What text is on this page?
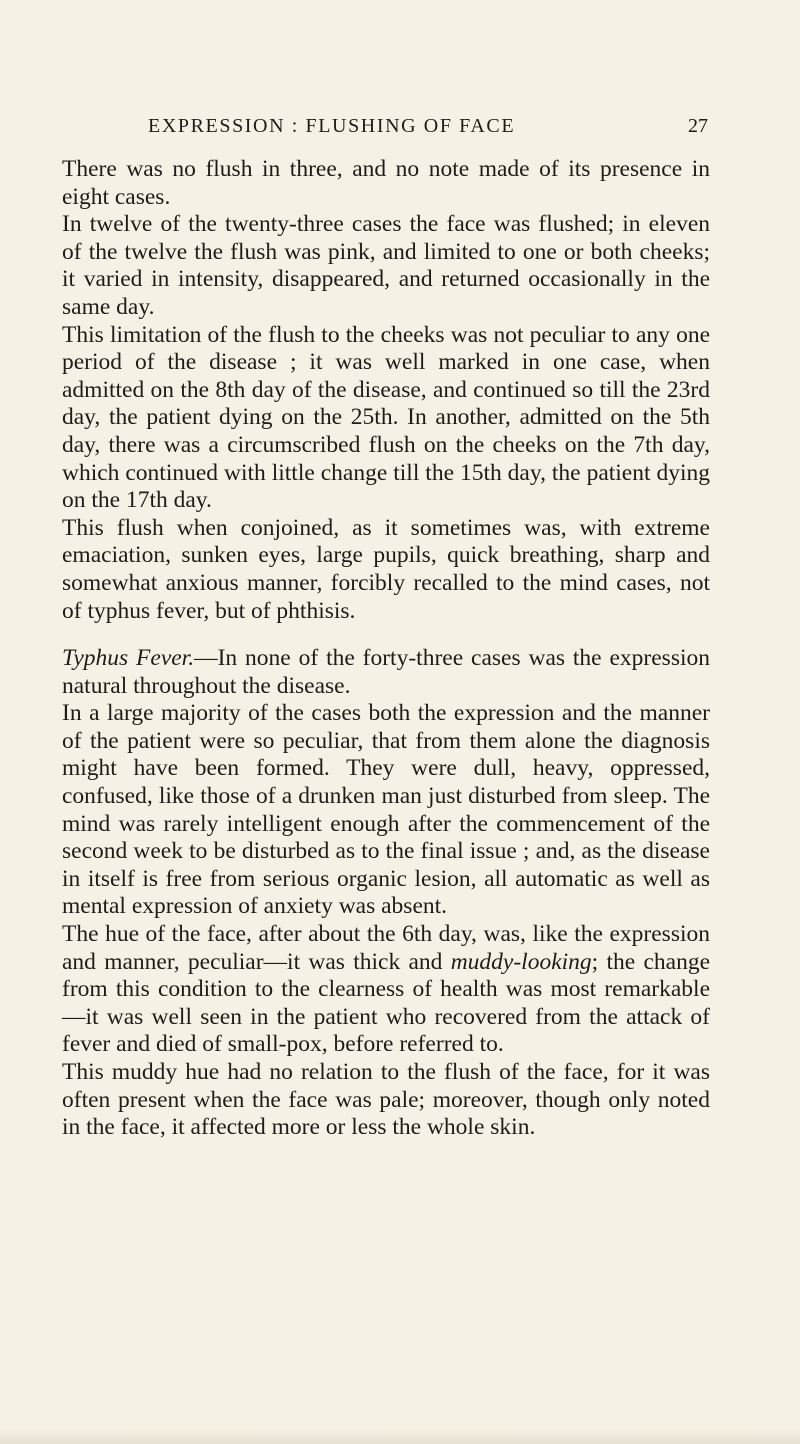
EXPRESSION : FLUSHING OF FACE	27

There was no flush in three, and no note made of its presence in eight cases.

In twelve of the twenty-three cases the face was flushed; in eleven of the twelve the flush was pink, and limited to one or both cheeks; it varied in intensity, disappeared, and returned occasionally in the same day.

This limitation of the flush to the cheeks was not peculiar to any one period of the disease ; it was well marked in one case, when admitted on the 8th day of the disease, and continued so till the 23rd day, the patient dying on the 25th. In another, admitted on the 5th day, there was a circumscribed flush on the cheeks on the 7th day, which continued with little change till the 15th day, the patient dying on the 17th day.

This flush when conjoined, as it sometimes was, with extreme emaciation, sunken eyes, large pupils, quick breathing, sharp and somewhat anxious manner, forcibly recalled to the mind cases, not of typhus fever, but of phthisis.

Typhus Fever.—In none of the forty-three cases was the expression natural throughout the disease.

In a large majority of the cases both the expression and the manner of the patient were so peculiar, that from them alone the diagnosis might have been formed. They were dull, heavy, oppressed, confused, like those of a drunken man just disturbed from sleep. The mind was rarely intelligent enough after the commencement of the second week to be disturbed as to the final issue ; and, as the disease in itself is free from serious organic lesion, all automatic as well as mental expression of anxiety was absent.

The hue of the face, after about the 6th day, was, like the expression and manner, peculiar—it was thick and muddy-looking; the change from this condition to the clearness of health was most remarkable—it was well seen in the patient who recovered from the attack of fever and died of small-pox, before referred to.

This muddy hue had no relation to the flush of the face, for it was often present when the face was pale; moreover, though only noted in the face, it affected more or less the whole skin.
